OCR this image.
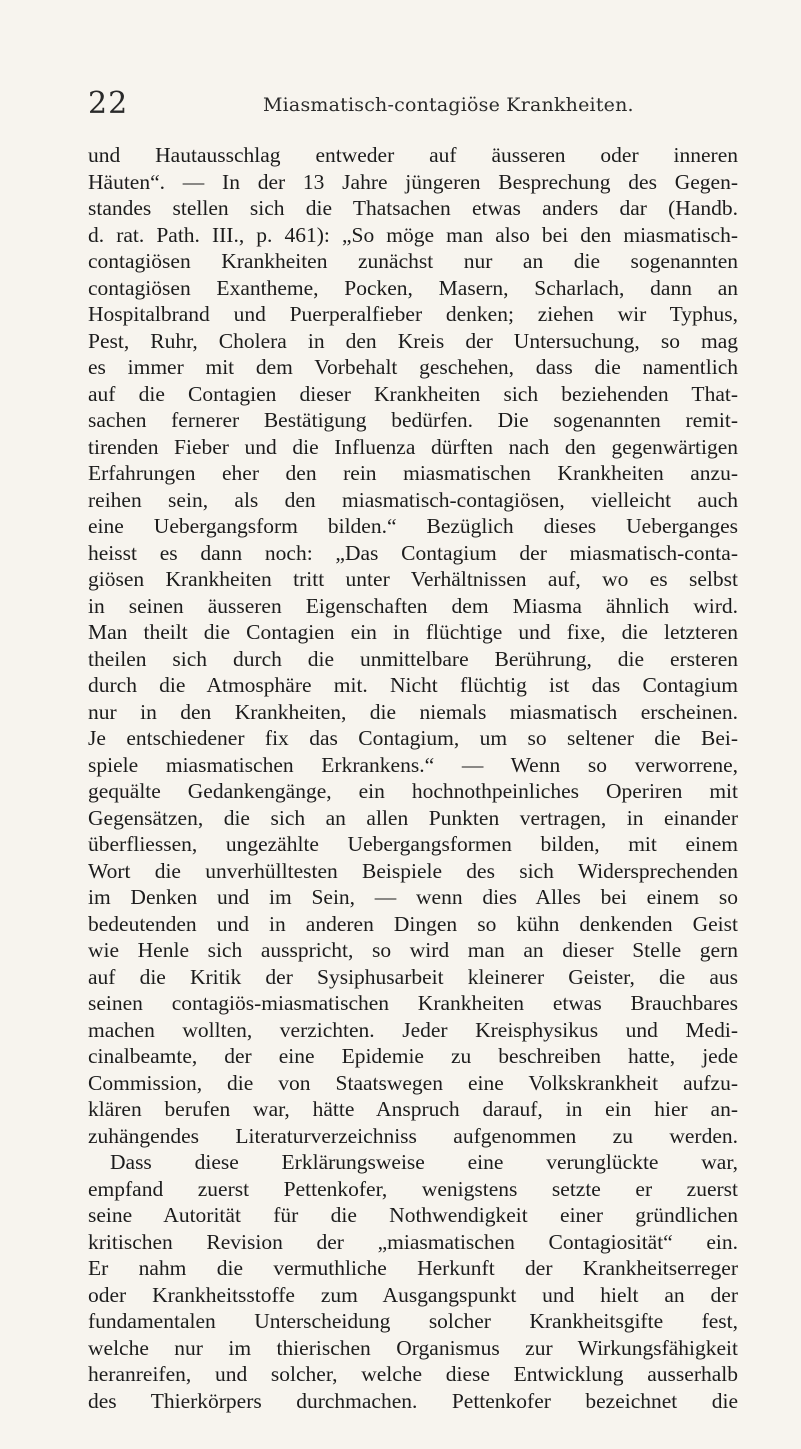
22	Miasmatisch-contagiöse Krankheiten.
und Hautausschlag entweder auf äusseren oder inneren
Häuten“. — In der 13 Jahre jüngeren Besprechung des Gegen-
standes stellen sich die Thatsachen etwas anders dar (Handb.
d. rat. Path. III., p. 461): „So möge man also bei den miasmatisch-
contagiösen Krankheiten zunächst nur an die sogenannten
contagiösen Exantheme, Pocken, Masern, Scharlach, dann an
Hospitalbrand und Puerperalfieber denken; ziehen wir Typhus,
Pest, Ruhr, Cholera in den Kreis der Untersuchung, so mag
es immer mit dem Vorbehalt geschehen, dass die namentlich
auf die Contagien dieser Krankheiten sich beziehenden That-
sachen fernerer Bestätigung bedürfen. Die sogenannten remit-
tirenden Fieber und die Influenza dürften nach den gegenwärtigen
Erfahrungen eher den rein miasmatischen Krankheiten anzu-
reihen sein, als den miasmatisch-contagiösen, vielleicht auch
eine Uebergangsform bilden.“ Bezüglich dieses Ueberganges
heisst es dann noch: „Das Contagium der miasmatisch-conta-
giösen Krankheiten tritt unter Verhältnissen auf, wo es selbst
in seinen äusseren Eigenschaften dem Miasma ähnlich wird.
Man theilt die Contagien ein in flüchtige und fixe, die letzteren
theilen sich durch die unmittelbare Berührung, die ersteren
durch die Atmosphäre mit. Nicht flüchtig ist das Contagium
nur in den Krankheiten, die niemals miasmatisch erscheinen.
Je entschiedener fix das Contagium, um so seltener die Bei-
spiele miasmatischen Erkrankens.“ — Wenn so verworrene,
gequälte Gedankengänge, ein hochnothpeinliches Operiren mit
Gegensätzen, die sich an allen Punkten vertragen, in einander
überfliessen, ungezählte Uebergangsformen bilden, mit einem
Wort die unverhülltesten Beispiele des sich Widersprechenden
im Denken und im Sein, — wenn dies Alles bei einem so
bedeutenden und in anderen Dingen so kühn denkenden Geist
wie Henle sich ausspricht, so wird man an dieser Stelle gern
auf die Kritik der Sysiphusarbeit kleinerer Geister, die aus
seinen contagiös-miasmatischen Krankheiten etwas Brauchbares
machen wollten, verzichten. Jeder Kreisphysikus und Medi-
cinalbeamte, der eine Epidemie zu beschreiben hatte, jede
Commission, die von Staatswegen eine Volkskrankheit aufzu-
klären berufen war, hätte Anspruch darauf, in ein hier an-
zuhängendes Literaturverzeichniss aufgenommen zu werden.
Dass diese Erklärungsweise eine verunglückte war,
empfand zuerst Pettenkofer, wenigstens setzte er zuerst
seine Autorität für die Nothwendigkeit einer gründlichen
kritischen Revision der „miasmatischen Contagiosität“ ein.
Er nahm die vermuthliche Herkunft der Krankheitserreger
oder Krankheitsstoffe zum Ausgangspunkt und hielt an der
fundamentalen Unterscheidung solcher Krankheitsgifte fest,
welche nur im thierischen Organismus zur Wirkungsfähigkeit
heranreifen, und solcher, welche diese Entwicklung ausserhalb
des Thierkörpers durchmachen. Pettenkofer bezeichnet die
